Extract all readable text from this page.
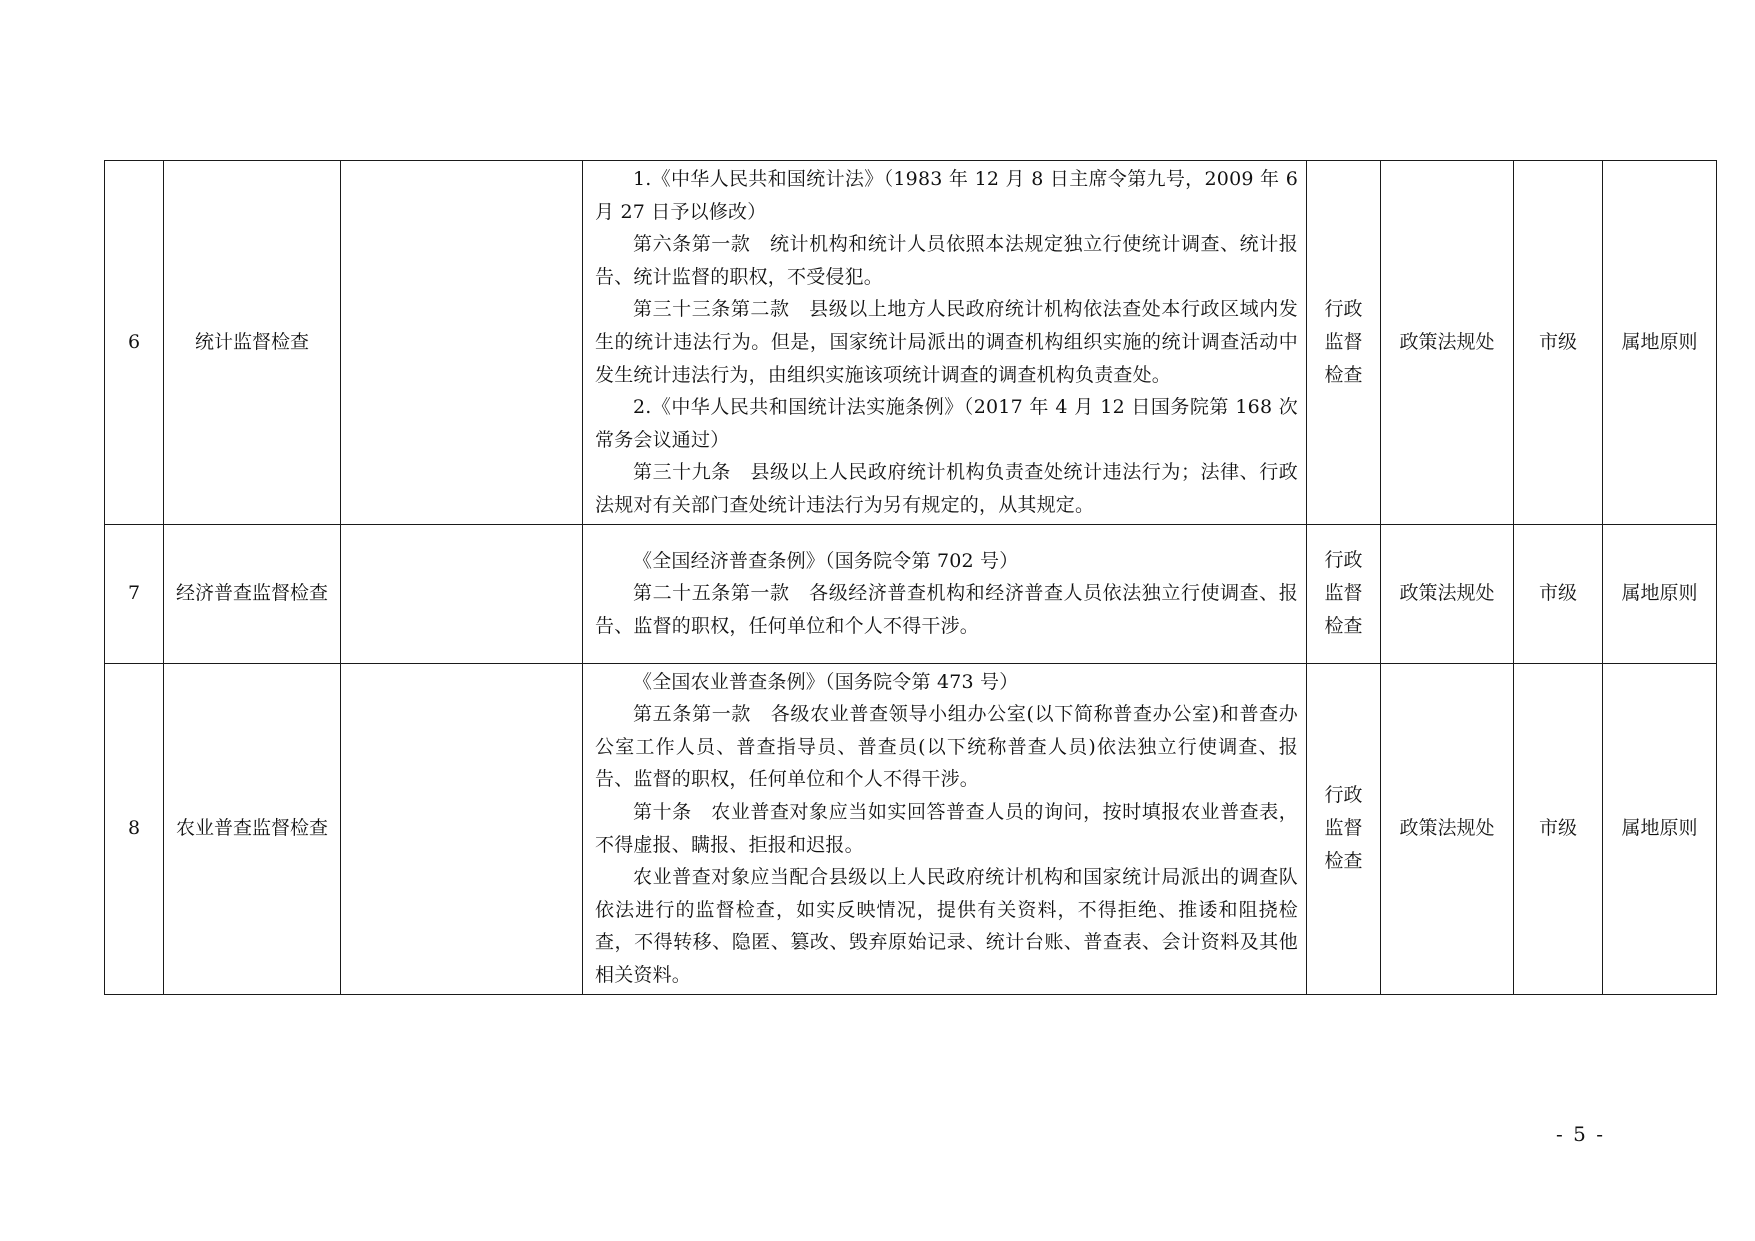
6	统计监督检查		1.《中华人民共和国统计法》（1983 年 12 月 8 日主席令第九号，2009 年 6 月 27 日予以修改）

第六条第一款　统计机构和统计人员依照本法规定独立行使统计调查、统计报告、统计监督的职权，不受侵犯。

第三十三条第二款　县级以上地方人民政府统计机构依法查处本行政区域内发生的统计违法行为。但是，国家统计局派出的调查机构组织实施的统计调查活动中发生统计违法行为，由组织实施该项统计调查的调查机构负责查处。

2.《中华人民共和国统计法实施条例》（2017 年 4 月 12 日国务院第 168 次常务会议通过）

第三十九条　县级以上人民政府统计机构负责查处统计违法行为；法律、行政法规对有关部门查处统计违法行为另有规定的，从其规定。	行政监督检查	政策法规处	市级	属地原则
7	经济普查监督检查		《全国经济普查条例》（国务院令第 702 号）

第二十五条第一款　各级经济普查机构和经济普查人员依法独立行使调查、报告、监督的职权，任何单位和个人不得干涉。	行政监督检查	政策法规处	市级	属地原则
8	农业普查监督检查		《全国农业普查条例》（国务院令第 473 号）

第五条第一款　各级农业普查领导小组办公室(以下简称普查办公室)和普查办公室工作人员、普查指导员、普查员(以下统称普查人员)依法独立行使调查、报告、监督的职权，任何单位和个人不得干涉。

第十条　农业普查对象应当如实回答普查人员的询问，按时填报农业普查表，不得虚报、瞒报、拒报和迟报。

农业普查对象应当配合县级以上人民政府统计机构和国家统计局派出的调查队依法进行的监督检查，如实反映情况，提供有关资料，不得拒绝、推诿和阻挠检查，不得转移、隐匿、篡改、毁弃原始记录、统计台账、普查表、会计资料及其他相关资料。	行政监督检查	政策法规处	市级	属地原则
- 5 -
